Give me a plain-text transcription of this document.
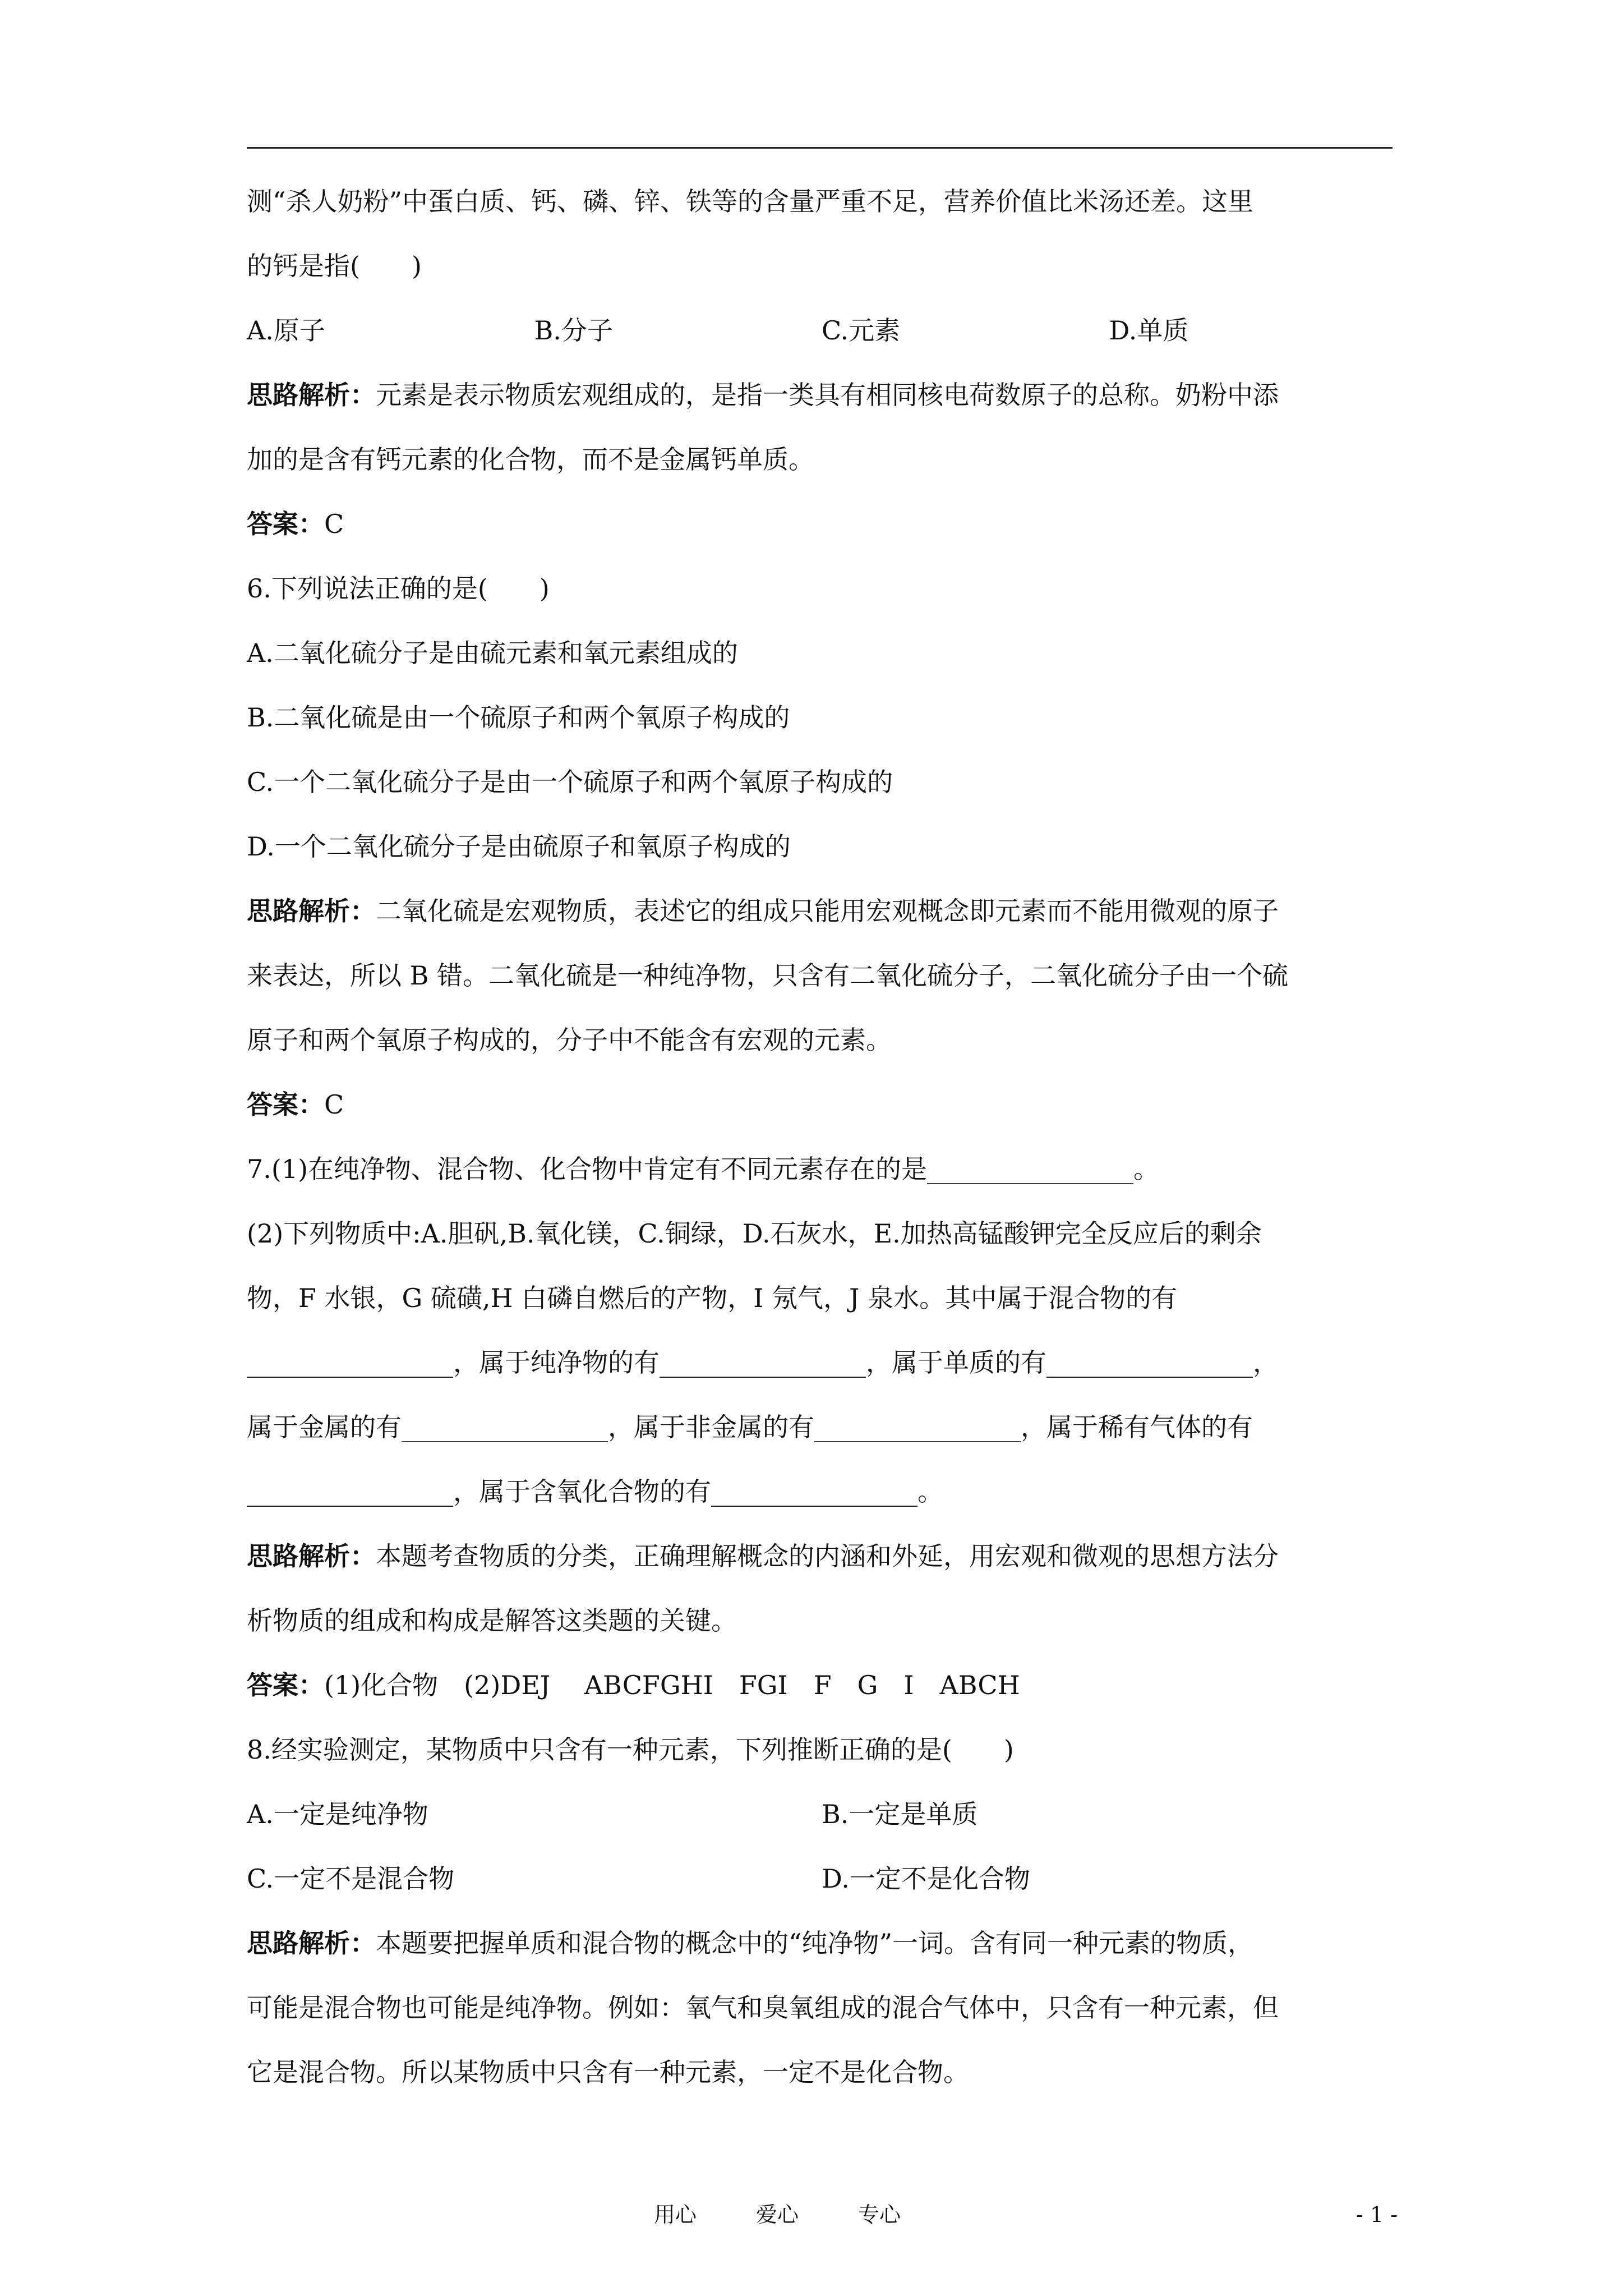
测“杀人奶粉”中蛋白质、钙、磷、锌、铁等的含量严重不足，营养价值比米汤还差。这里
的钙是指(　　)
A.原子	B.分子	C.元素	D.单质
思路解析：元素是表示物质宏观组成的，是指一类具有相同核电荷数原子的总称。奶粉中添
加的是含有钙元素的化合物，而不是金属钙单质。
答案：C
6.下列说法正确的是(　　)
A.二氧化硫分子是由硫元素和氧元素组成的
B.二氧化硫是由一个硫原子和两个氧原子构成的
C.一个二氧化硫分子是由一个硫原子和两个氧原子构成的
D.一个二氧化硫分子是由硫原子和氧原子构成的
思路解析：二氧化硫是宏观物质，表述它的组成只能用宏观概念即元素而不能用微观的原子
来表达，所以 B 错。二氧化硫是一种纯净物，只含有二氧化硫分子，二氧化硫分子由一个硫
原子和两个氧原子构成的，分子中不能含有宏观的元素。
答案：C
7.(1)在纯净物、混合物、化合物中肯定有不同元素存在的是________________。
(2)下列物质中:A.胆矾,B.氧化镁，C.铜绿，D.石灰水，E.加热高锰酸钾完全反应后的剩余
物，F 水银，G 硫磺,H 白磷自燃后的产物，I 氖气，J 泉水。其中属于混合物的有
________________，属于纯净物的有________________，属于单质的有________________，
属于金属的有________________，属于非金属的有________________，属于稀有气体的有
________________，属于含氧化合物的有________________。
思路解析：本题考查物质的分类，正确理解概念的内涵和外延，用宏观和微观的思想方法分
析物质的组成和构成是解答这类题的关键。
答案：(1)化合物　(2)DEJ　 ABCFGHI　FGI　F　G　I　ABCH
8.经实验测定，某物质中只含有一种元素，下列推断正确的是(　　)
A.一定是纯净物	B.一定是单质
C.一定不是混合物	D.一定不是化合物
思路解析：本题要把握单质和混合物的概念中的“纯净物”一词。含有同一种元素的物质，
可能是混合物也可能是纯净物。例如：氧气和臭氧组成的混合气体中，只含有一种元素，但
它是混合物。所以某物质中只含有一种元素，一定不是化合物。
用心	爱心	专心	- 1 -
